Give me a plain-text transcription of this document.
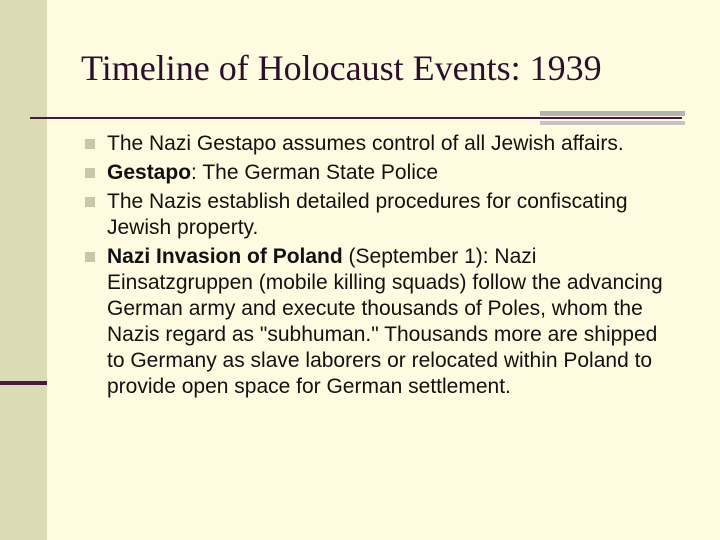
Timeline of Holocaust Events: 1939
The Nazi Gestapo assumes control of all Jewish affairs.
Gestapo: The German State Police
The Nazis establish detailed procedures for confiscating Jewish property.
Nazi Invasion of Poland (September 1): Nazi Einsatzgruppen (mobile killing squads) follow the advancing German army and execute thousands of Poles, whom the Nazis regard as "subhuman." Thousands more are shipped to Germany as slave laborers or relocated within Poland to provide open space for German settlement.
